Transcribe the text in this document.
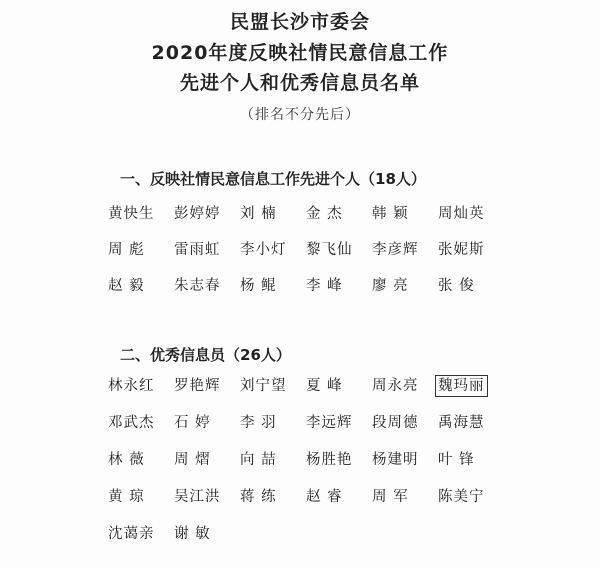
民盟长沙市委会
2020年度反映社情民意信息工作
先进个人和优秀信息员名单
（排名不分先后）
一、反映社情民意信息工作先进个人（18人）
黄快生	彭婷婷	刘 楠	金 杰	韩 颖	周灿英
周 彪	雷雨虹	李小灯	黎飞仙	李彦辉	张妮斯
赵 毅	朱志春	杨 鲲	李 峰	廖 亮	张 俊
二、优秀信息员（26人）
林永红	罗艳辉	刘宁望	夏 峰	周永亮	魏玛丽
邓武杰	石 婷	李 羽	李远辉	段周德	禹海慧
林 薇	周 熠	向 喆	杨胜艳	杨建明	叶 锋
黄 琼	吴江洪	蒋 练	赵 睿	周 军	陈美宁
沈蔼亲	谢 敏
